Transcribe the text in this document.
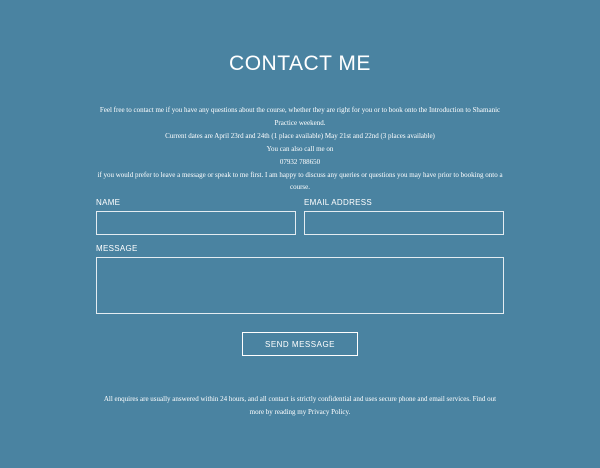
CONTACT ME

Feel free to contact me if you have any questions about the course, whether they are right for you or to book onto the Introduction to Shamanic Practice weekend.

Current dates are April 23rd and 24th (1 place available) May 21st and 22nd (3 places available)

You can also call me on

07932 788650

if you would prefer to leave a message or speak to me first. I am happy to discuss any queries or questions you may have prior to booking onto a course.

NAME	EMAIL ADDRESS
MESSAGE
SEND MESSAGE

All enquires are usually answered within 24 hours, and all contact is strictly confidential and uses secure phone and email services. Find out more by reading my Privacy Policy.
